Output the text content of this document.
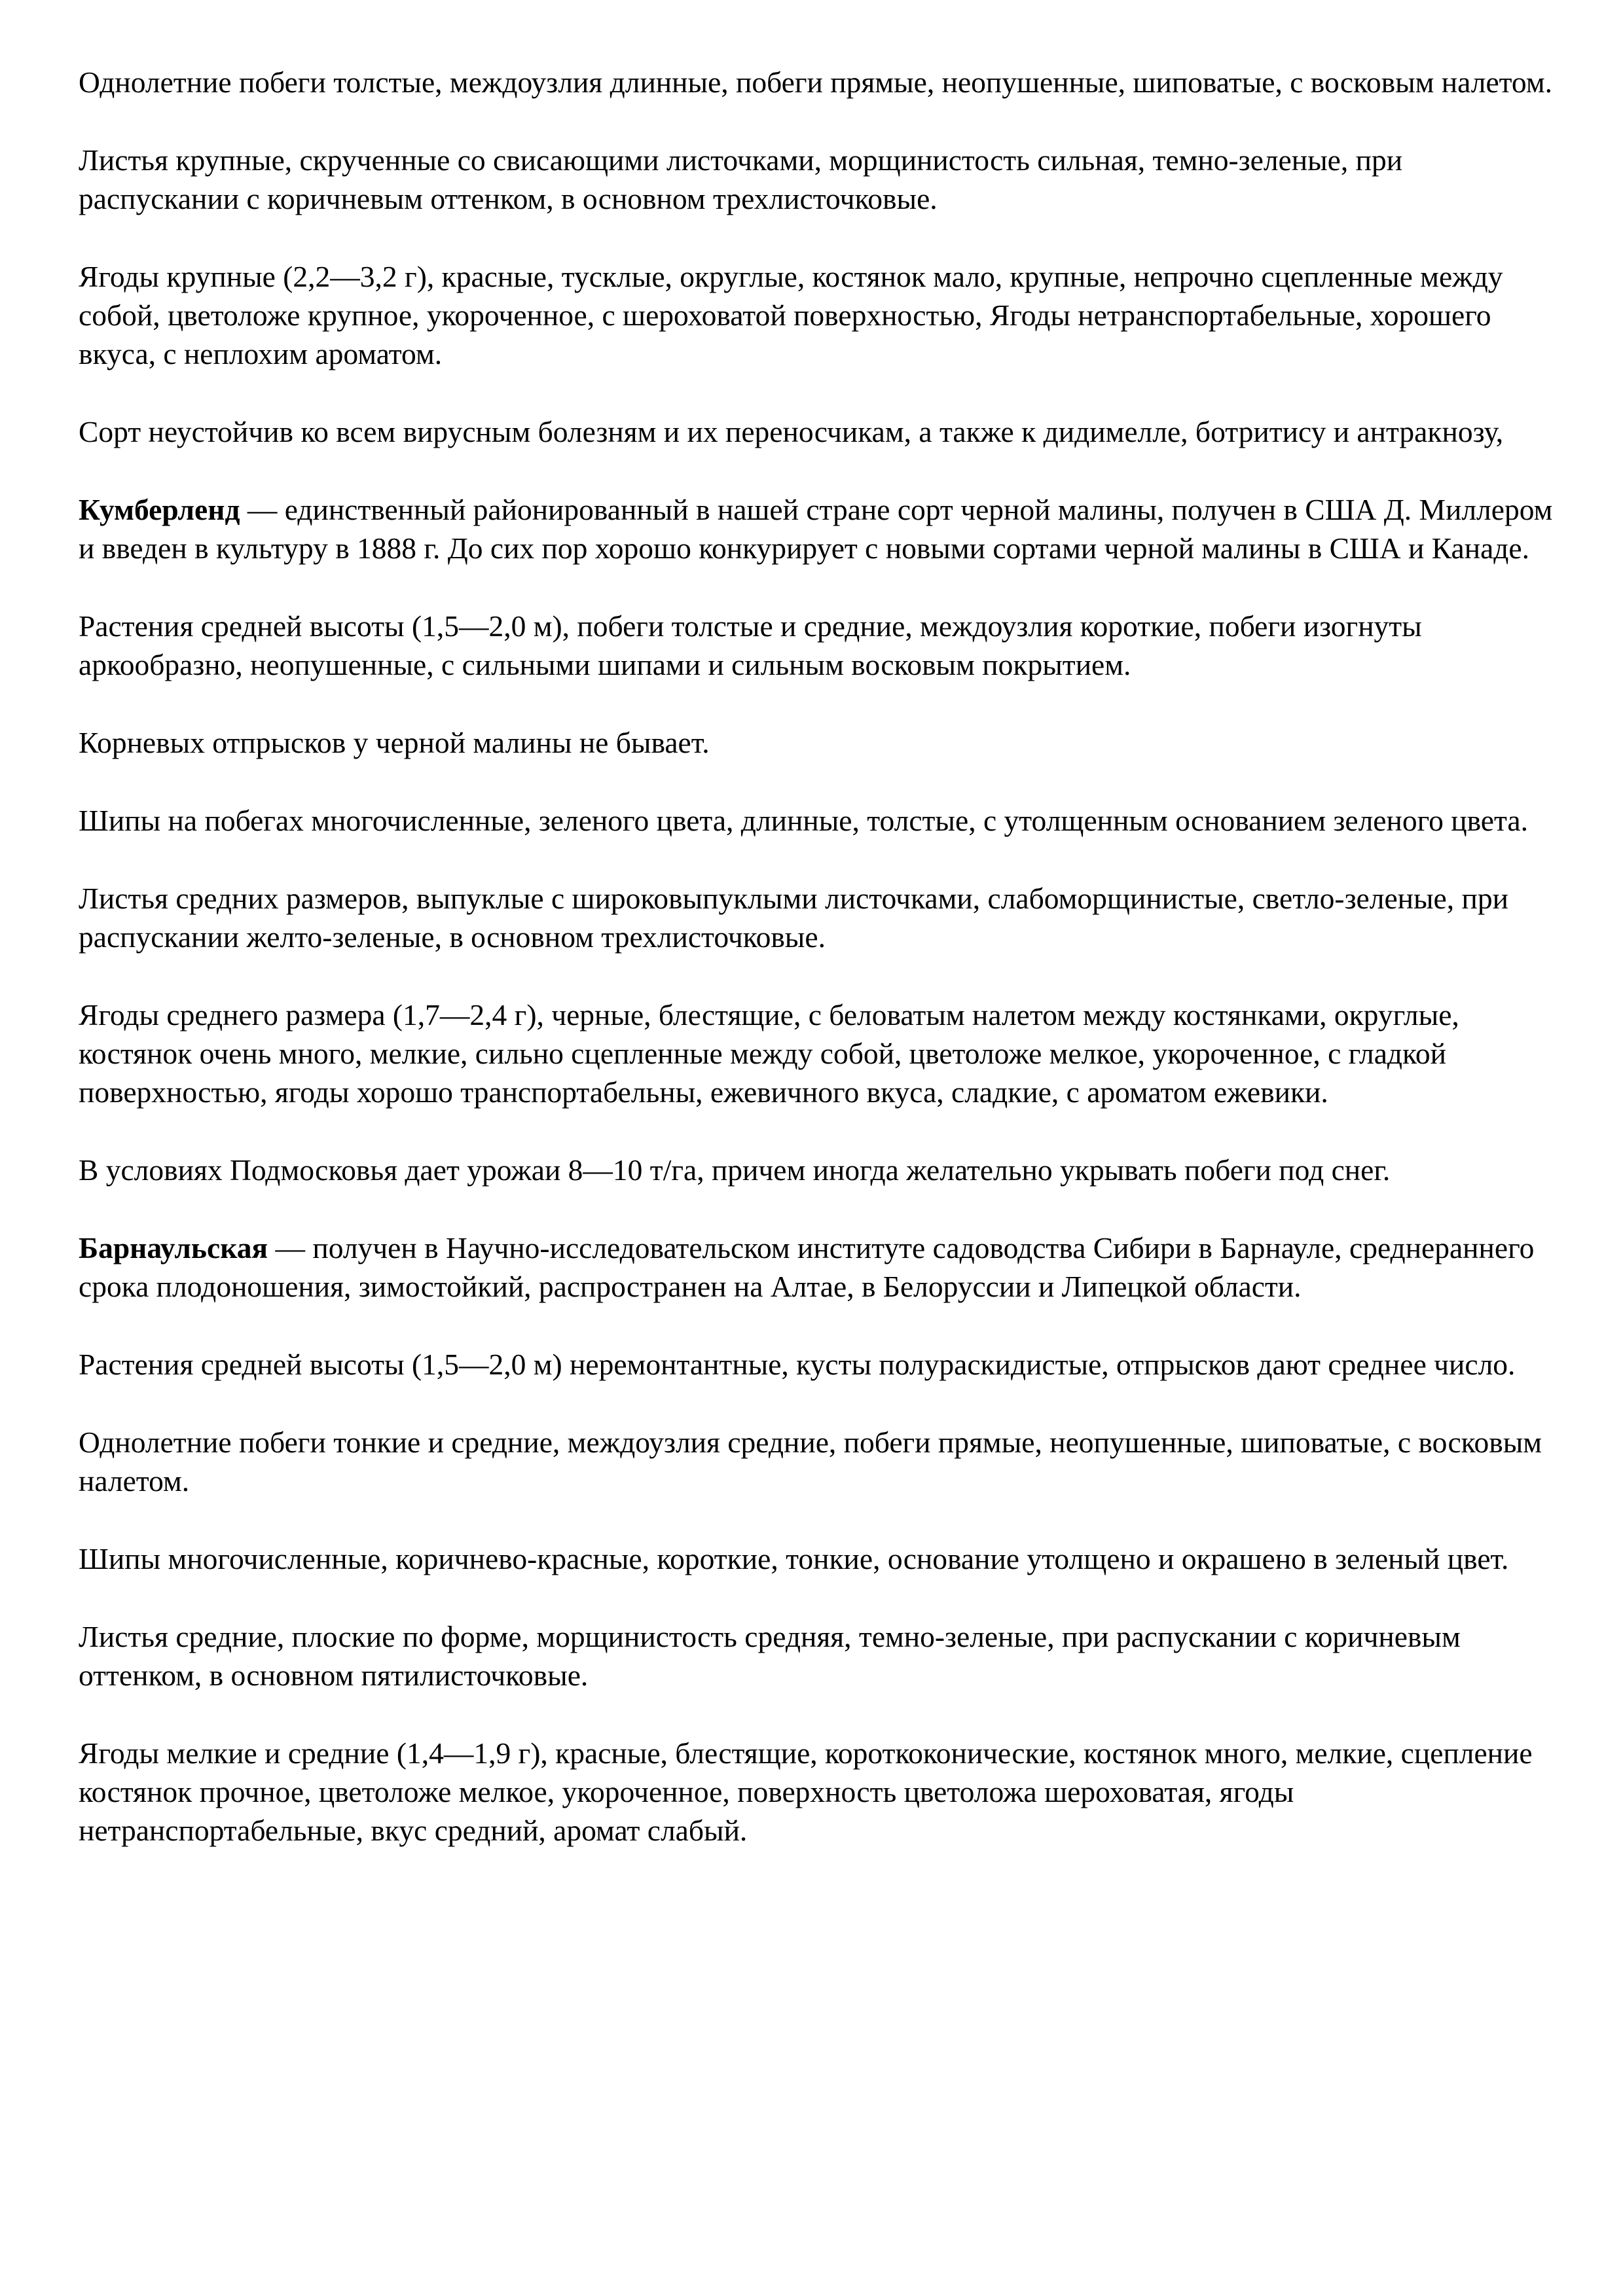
Однолетние побеги толстые, междоузлия длинные, побеги прямые, неопушенные, шиповатые, с восковым налетом.

Листья крупные, скрученные со свисающими листочками, морщинистость сильная, темно-зеленые, при распускании с коричневым оттенком, в основном трехлисточковые.

Ягоды крупные (2,2—3,2 г), красные, тусклые, округлые, костянок мало, крупные, непрочно сцепленные между собой, цветоложе крупное, укороченное, с шероховатой поверхностью, Ягоды нетранспортабельные, хорошего вкуса, с неплохим ароматом.

Сорт неустойчив ко всем вирусным болезням и их переносчикам, а также к дидимелле, ботритису и антракнозу,

Кумберленд — единственный районированный в нашей стране сорт черной малины, получен в США Д. Миллером и введен в культуру в 1888 г. До сих пор хорошо конкурирует с новыми сортами черной малины в США и Канаде.

Растения средней высоты (1,5—2,0 м), побеги толстые и средние, междоузлия короткие, побеги изогнуты аркообразно, неопушенные, с сильными шипами и сильным восковым покрытием.

Корневых отпрысков у черной малины не бывает.

Шипы на побегах многочисленные, зеленого цвета, длинные, толстые, с утолщенным основанием зеленого цвета.

Листья средних размеров, выпуклые с широковыпуклыми листочками, слабоморщинистые, светло-зеленые, при распускании желто-зеленые, в основном трехлисточковые.

Ягоды среднего размера (1,7—2,4 г), черные, блестящие, с беловатым налетом между костянками, округлые, костянок очень много, мелкие, сильно сцепленные между собой, цветоложе мелкое, укороченное, с гладкой поверхностью, ягоды хорошо транспортабельны, ежевичного вкуса, сладкие, с ароматом ежевики.

В условиях Подмосковья дает урожаи 8—10 т/га, причем иногда желательно укрывать побеги под снег.

Барнаульская — получен в Научно-исследовательском институте садоводства Сибири в Барнауле, среднераннего срока плодоношения, зимостойкий, распространен на Алтае, в Белоруссии и Липецкой области.

Растения средней высоты (1,5—2,0 м) неремонтантные, кусты полураскидистые, отпрысков дают среднее число.

Однолетние побеги тонкие и средние, междоузлия средние, побеги прямые, неопушенные, шиповатые, с восковым налетом.

Шипы многочисленные, коричнево-красные, короткие, тонкие, основание утолщено и окрашено в зеленый цвет.

Листья средние, плоские по форме, морщинистость средняя, темно-зеленые, при распускании с коричневым оттенком, в основном пятилисточковые.

Ягоды мелкие и средние (1,4—1,9 г), красные, блестящие, короткоконические, костянок много, мелкие, сцепление костянок прочное, цветоложе мелкое, укороченное, поверхность цветоложа шероховатая, ягоды нетранспортабельные, вкус средний, аромат слабый.
